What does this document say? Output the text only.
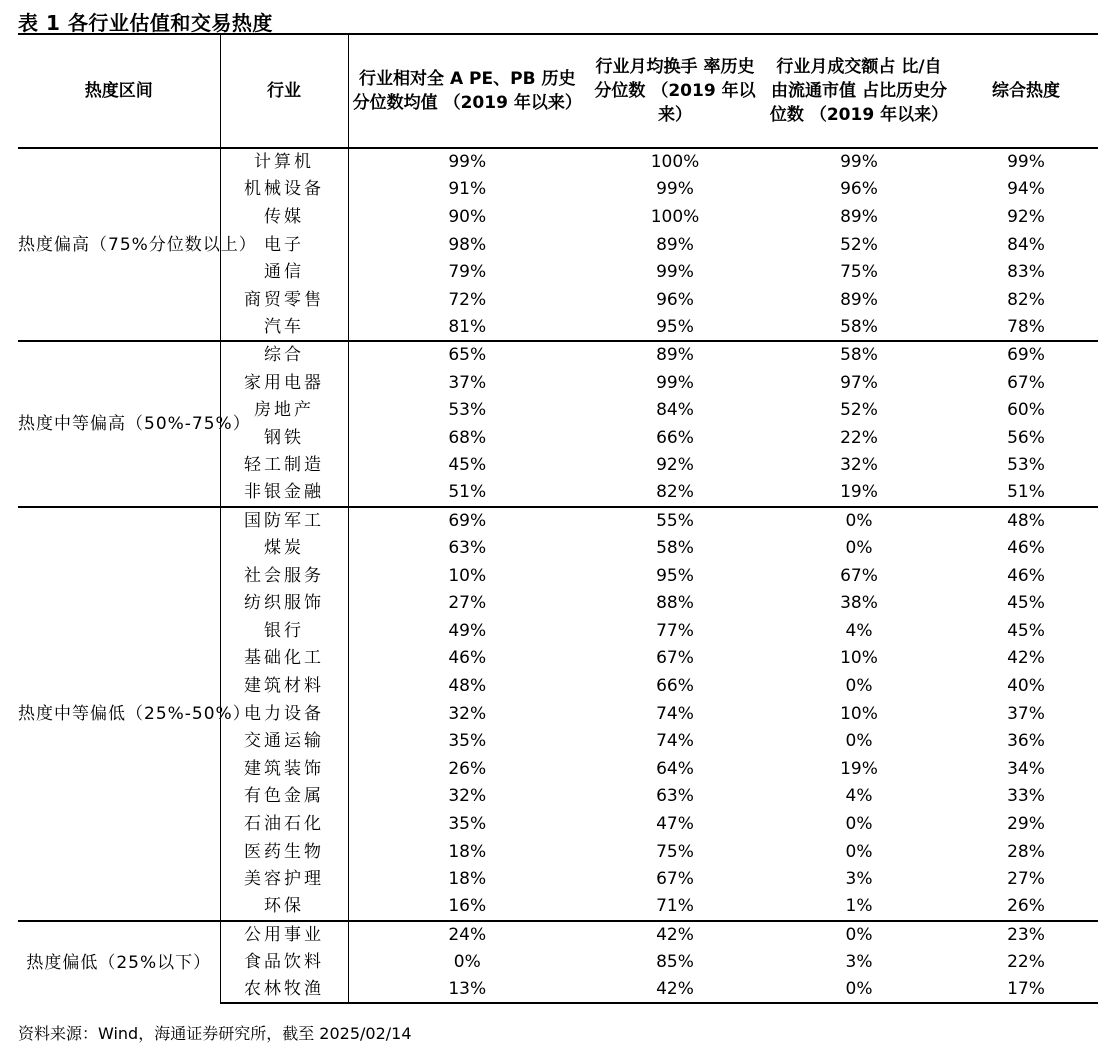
表 1 各行业估值和交易热度
热度区间	行业	行业相对全 A PE、PB 历史分位数均值 （2019 年以来）	行业月均换手 率历史分位数 （2019 年以来）	行业月成交额占 比/自由流通市值 占比历史分位数 （2019 年以来）	综合热度
热度偏高（75%分位数以上）	计算机	99%	100%	99%	99%
	机械设备	91%	99%	96%	94%
	传媒	90%	100%	89%	92%
	电子	98%	89%	52%	84%
	通信	79%	99%	75%	83%
	商贸零售	72%	96%	89%	82%
	汽车	81%	95%	58%	78%
热度中等偏高（50%-75%）	综合	65%	89%	58%	69%
	家用电器	37%	99%	97%	67%
	房地产	53%	84%	52%	60%
	钢铁	68%	66%	22%	56%
	轻工制造	45%	92%	32%	53%
	非银金融	51%	82%	19%	51%
热度中等偏低（25%-50%）	国防军工	69%	55%	0%	48%
	煤炭	63%	58%	0%	46%
	社会服务	10%	95%	67%	46%
	纺织服饰	27%	88%	38%	45%
	银行	49%	77%	4%	45%
	基础化工	46%	67%	10%	42%
	建筑材料	48%	66%	0%	40%
	电力设备	32%	74%	10%	37%
	交通运输	35%	74%	0%	36%
	建筑装饰	26%	64%	19%	34%
	有色金属	32%	63%	4%	33%
	石油石化	35%	47%	0%	29%
	医药生物	18%	75%	0%	28%
	美容护理	18%	67%	3%	27%
	环保	16%	71%	1%	26%
热度偏低（25%以下）	公用事业	24%	42%	0%	23%
	食品饮料	0%	85%	3%	22%
	农林牧渔	13%	42%	0%	17%
资料来源：Wind，海通证券研究所，截至 2025/02/14
